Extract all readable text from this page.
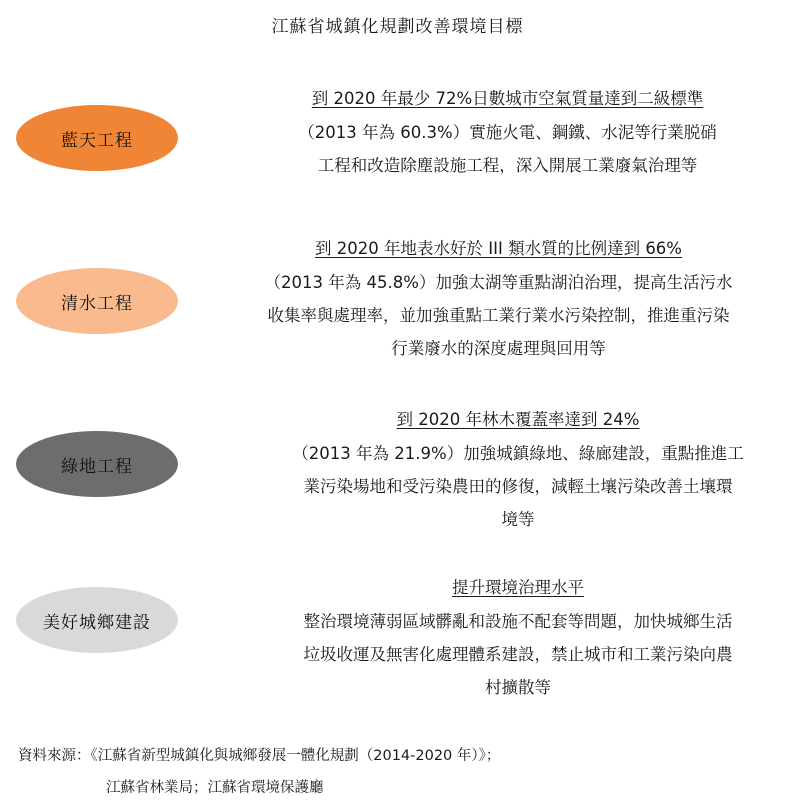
江蘇省城鎮化規劃改善環境目標
藍天工程
清水工程
綠地工程
美好城鄉建設
到 2020 年最少 72%日數城市空氣質量達到二級標準
（2013 年為 60.3%）實施火電、鋼鐵、水泥等行業脱硝
工程和改造除塵設施工程，深入開展工業廢氣治理等
到 2020 年地表水好於 III 類水質的比例達到 66%
（2013 年為 45.8%）加強太湖等重點湖泊治理，提高生活污水
收集率與處理率，並加強重點工業行業水污染控制，推進重污染
行業廢水的深度處理與回用等
到 2020 年林木覆蓋率達到 24%
（2013 年為 21.9%）加強城鎮綠地、綠廊建設，重點推進工
業污染場地和受污染農田的修復，減輕土壤污染改善土壤環
境等
提升環境治理水平
整治環境薄弱區域髒亂和設施不配套等問題，加快城鄉生活
垃圾收運及無害化處理體系建設，禁止城市和工業污染向農
村擴散等
資料來源：《江蘇省新型城鎮化與城鄉發展一體化規劃（2014-2020 年）》；
江蘇省林業局；江蘇省環境保護廳
